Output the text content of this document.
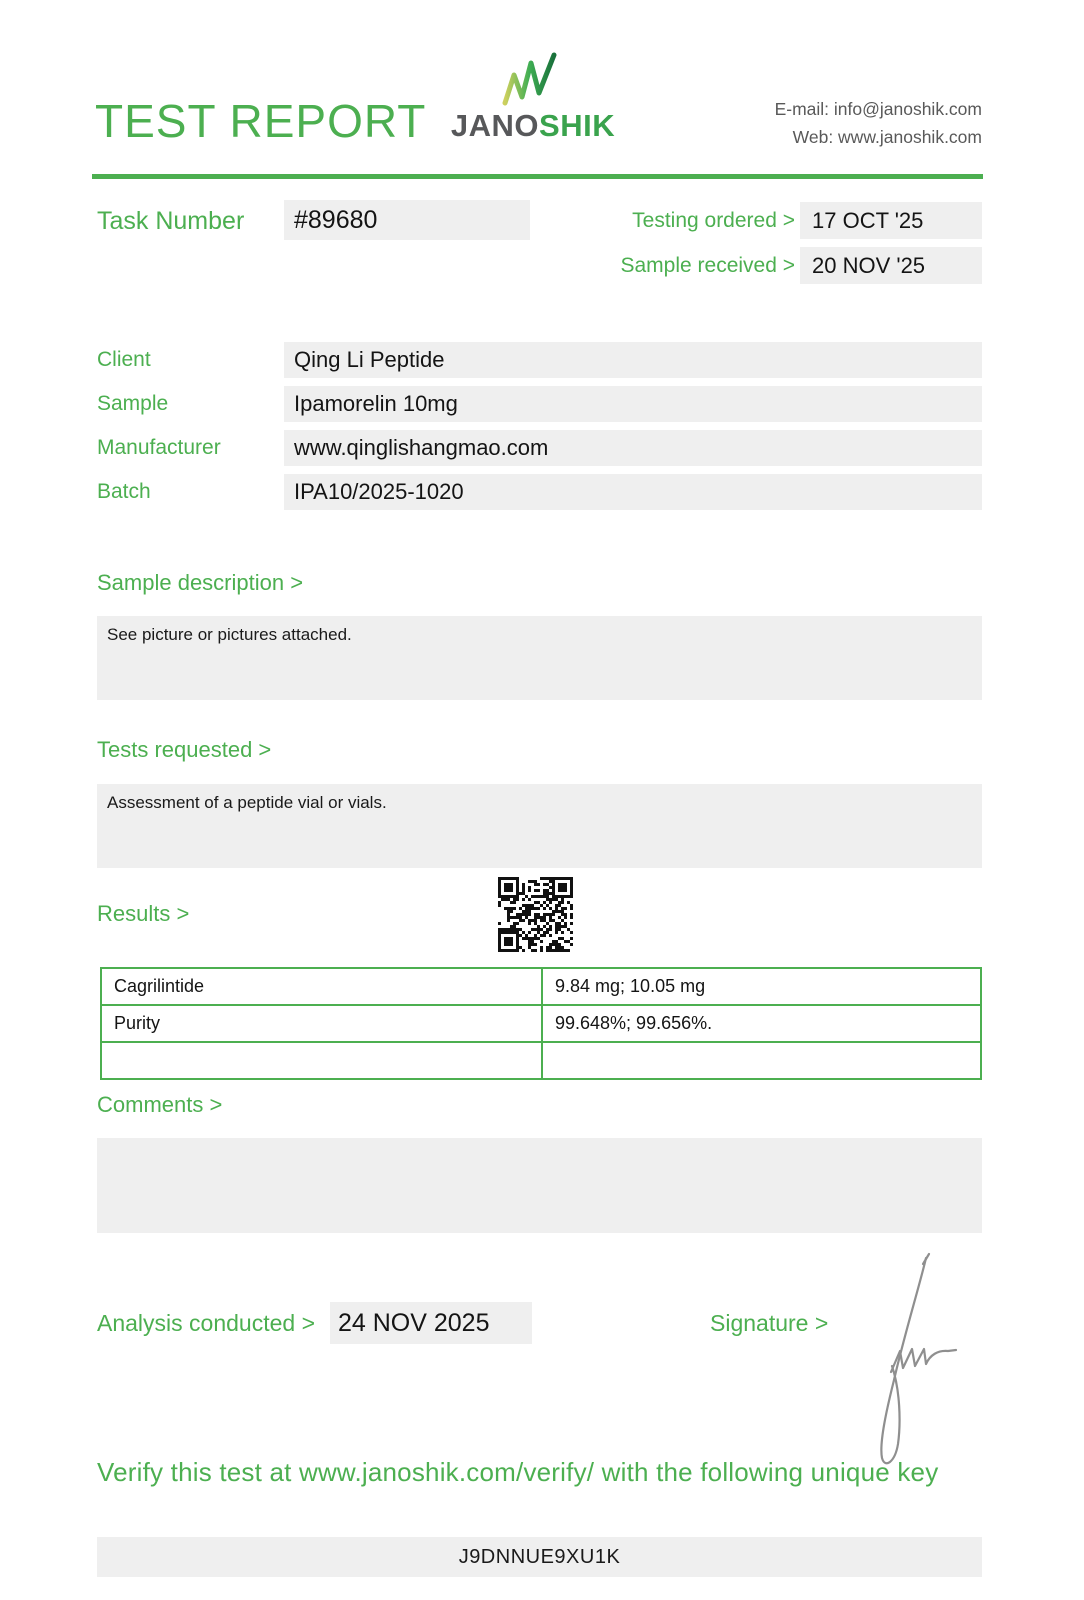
TEST REPORT JANOSHIK	E-mail: info@janoshik.com
Web: www.janoshik.com
Task Number	#89680	Testing ordered > 17 OCT '25
Sample received > 20 NOV '25
Client	Qing Li Peptide
Sample	Ipamorelin 10mg
Manufacturer	www.qinglishangmao.com
Batch	IPA10/2025-1020
Sample description >
See picture or pictures attached.
Tests requested >
Assessment of a peptide vial or vials.
Results >
Cagrilintide	9.84 mg; 10.05 mg
Purity	99.648%; 99.656%.
Comments >
Analysis conducted > 24 NOV 2025	Signature >
Verify this test at www.janoshik.com/verify/ with the following unique key
J9DNNUE9XU1K
